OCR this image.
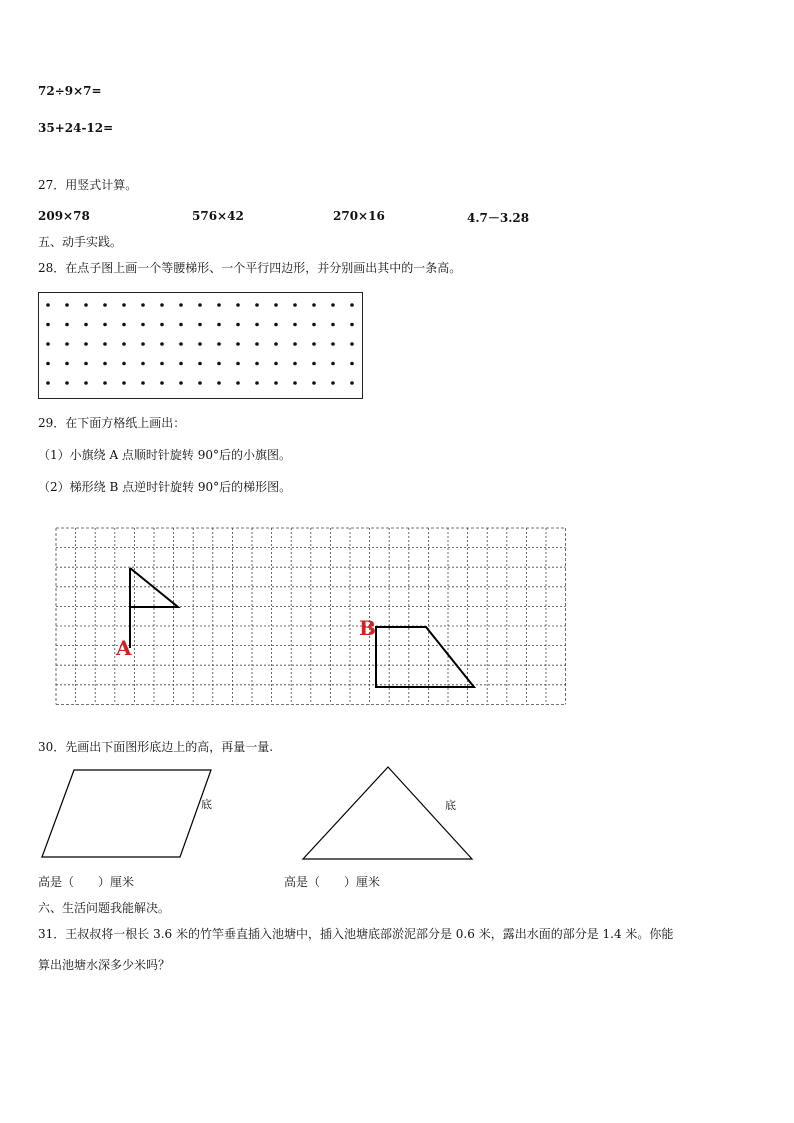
72÷9×7=
35+24-12=
27．用竖式计算。
209×78	576×42	270×16	4.7－3.28
五、动手实践。
28．在点子图上画一个等腰梯形、一个平行四边形，并分别画出其中的一条高。
29．在下面方格纸上画出：
（1）小旗绕 A 点顺时针旋转 90°后的小旗图。
（2）梯形绕 B 点逆时针旋转 90°后的梯形图。
A
B
30．先画出下面图形底边上的高，再量一量.
底	底
高是（　　）厘米	高是（　　）厘米
六、生活问题我能解决。
31．王叔叔将一根长 3.6 米的竹竿垂直插入池塘中，插入池塘底部淤泥部分是 0.6 米，露出水面的部分是 1.4 米。你能
算出池塘水深多少米吗？
